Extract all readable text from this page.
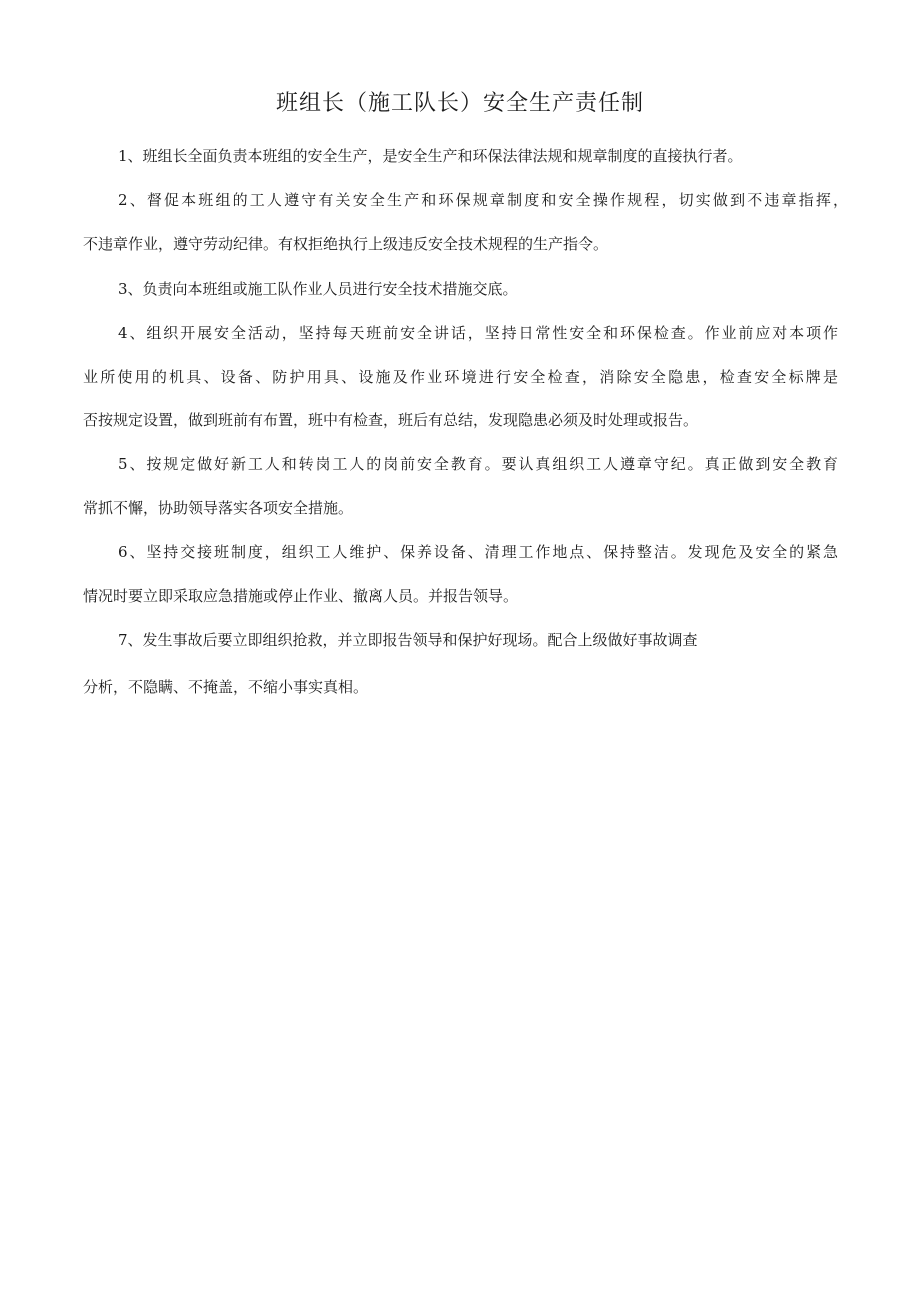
班组长（施工队长）安全生产责任制
1、班组长全面负责本班组的安全生产，是安全生产和环保法律法规和规章制度的直接执行者。
2、督促本班组的工人遵守有关安全生产和环保规章制度和安全操作规程，切实做到不违章指挥，
不违章作业，遵守劳动纪律。有权拒绝执行上级违反安全技术规程的生产指令。
3、负责向本班组或施工队作业人员进行安全技术措施交底。
4、组织开展安全活动，坚持每天班前安全讲话，坚持日常性安全和环保检查。作业前应对本项作
业所使用的机具、设备、防护用具、设施及作业环境进行安全检查，消除安全隐患，检查安全标牌是
否按规定设置，做到班前有布置，班中有检查，班后有总结，发现隐患必须及时处理或报告。
5、按规定做好新工人和转岗工人的岗前安全教育。要认真组织工人遵章守纪。真正做到安全教育
常抓不懈，协助领导落实各项安全措施。
6、坚持交接班制度，组织工人维护、保养设备、清理工作地点、保持整洁。发现危及安全的紧急
情况时要立即采取应急措施或停止作业、撤离人员。并报告领导。
7、发生事故后要立即组织抢救，并立即报告领导和保护好现场。配合上级做好事故调查
分析，不隐瞒、不掩盖，不缩小事实真相。
